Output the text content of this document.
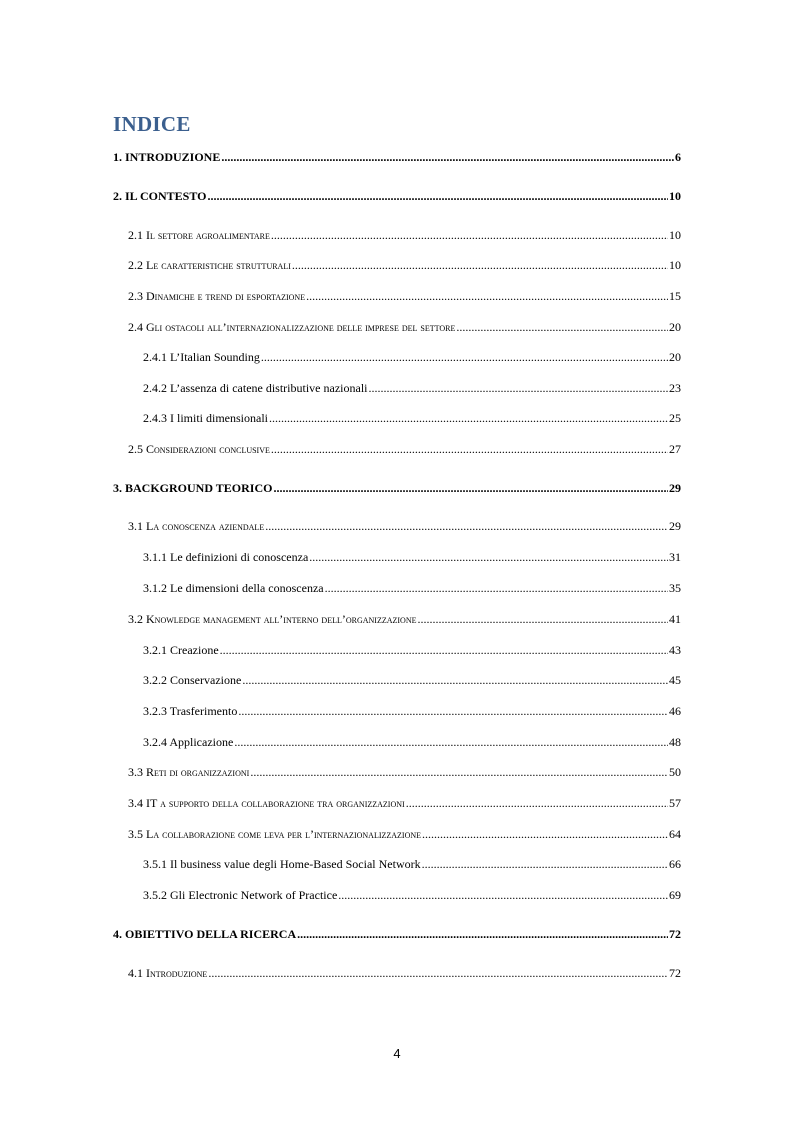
INDICE
1. INTRODUZIONE .....	6
2. IL CONTESTO .....	10
2.1 Il settore agroalimentare .....	10
2.2 Le caratteristiche strutturali .....	10
2.3 Dinamiche e trend di esportazione .....	15
2.4 Gli ostacoli all’internazionalizzazione delle imprese del settore .....	20
2.4.1 L’Italian Sounding .....	20
2.4.2 L’assenza di catene distributive nazionali .....	23
2.4.3 I limiti dimensionali .....	25
2.5 Considerazioni conclusive .....	27
3. BACKGROUND TEORICO .....	29
3.1 La conoscenza aziendale .....	29
3.1.1 Le definizioni di conoscenza .....	31
3.1.2 Le dimensioni della conoscenza .....	35
3.2 Knowledge management all’interno dell’organizzazione .....	41
3.2.1 Creazione .....	43
3.2.2 Conservazione .....	45
3.2.3 Trasferimento .....	46
3.2.4 Applicazione .....	48
3.3 Reti di organizzazioni .....	50
3.4 IT a supporto della collaborazione tra organizzazioni .....	57
3.5 La collaborazione come leva per l’internazionalizzazione .....	64
3.5.1 Il business value degli Home-Based Social Network .....	66
3.5.2 Gli Electronic Network of Practice .....	69
4. OBIETTIVO DELLA RICERCA .....	72
4.1 Introduzione .....	72
4
